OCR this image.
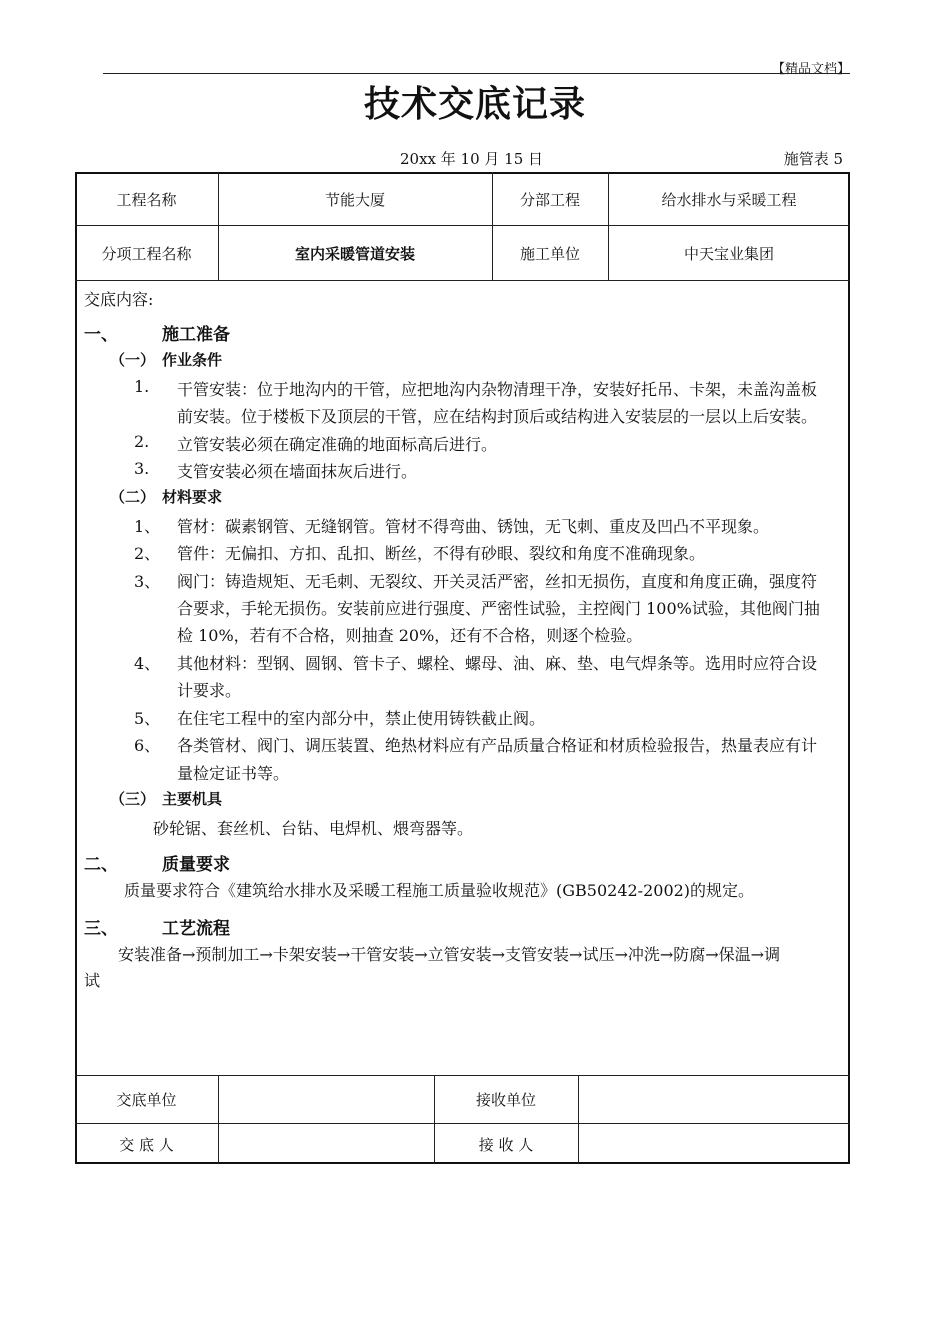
【精品文档】
技术交底记录
20xx 年 10 月 15 日	施管表 5
工程名称	节能大厦	分部工程	给水排水与采暖工程
分项工程名称	室内采暖管道安装	施工单位	中天宝业集团
交底内容:
一、	施工准备
（一） 作业条件
1. 干管安装：位于地沟内的干管，应把地沟内杂物清理干净，安装好托吊、卡架，未盖沟盖板
前安装。位于楼板下及顶层的干管，应在结构封顶后或结构进入安装层的一层以上后安装。
2. 立管安装必须在确定准确的地面标高后进行。
3. 支管安装必须在墙面抹灰后进行。
（二） 材料要求
1、 管材：碳素钢管、无缝钢管。管材不得弯曲、锈蚀，无飞刺、重皮及凹凸不平现象。
2、 管件：无偏扣、方扣、乱扣、断丝，不得有砂眼、裂纹和角度不准确现象。
3、 阀门：铸造规矩、无毛刺、无裂纹、开关灵活严密，丝扣无损伤，直度和角度正确，强度符
合要求，手轮无损伤。安装前应进行强度、严密性试验，主控阀门 100%试验，其他阀门抽
检 10%，若有不合格，则抽查 20%，还有不合格，则逐个检验。
4、 其他材料：型钢、圆钢、管卡子、螺栓、螺母、油、麻、垫、电气焊条等。选用时应符合设
计要求。
5、 在住宅工程中的室内部分中，禁止使用铸铁截止阀。
6、 各类管材、阀门、调压装置、绝热材料应有产品质量合格证和材质检验报告，热量表应有计
量检定证书等。
（三） 主要机具
砂轮锯、套丝机、台钻、电焊机、煨弯器等。
二、	质量要求
质量要求符合《建筑给水排水及采暖工程施工质量验收规范》(GB50242-2002)的规定。
三、	工艺流程
安装准备→预制加工→卡架安装→干管安装→立管安装→支管安装→试压→冲洗→防腐→保温→调
试
交底单位	接收单位
交 底 人	接 收 人
